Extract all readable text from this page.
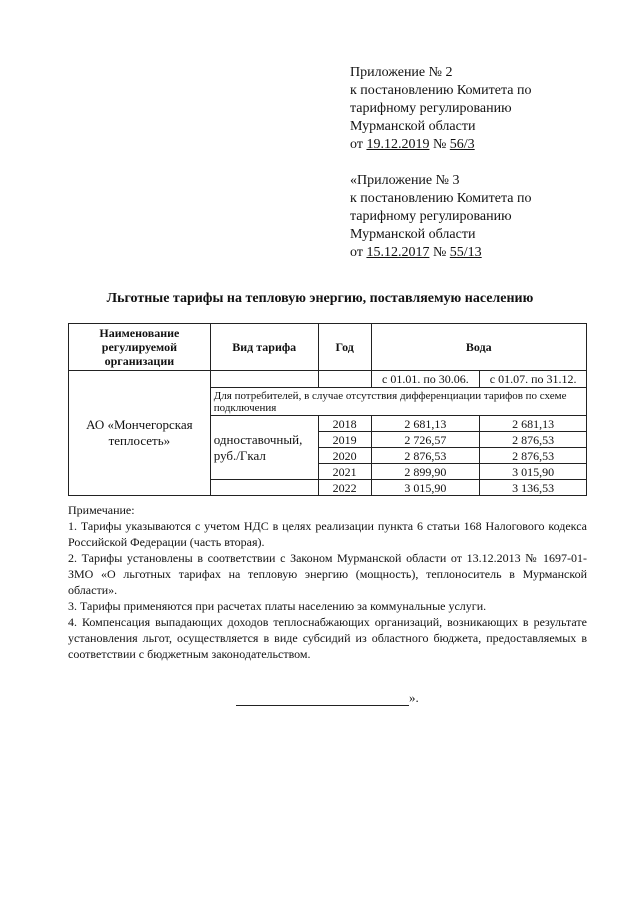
Приложение № 2
к постановлению Комитета по
тарифному регулированию
Мурманской области
от 19.12.2019 № 56/3
«Приложение № 3
к постановлению Комитета по
тарифному регулированию
Мурманской области
от 15.12.2017 № 55/13
Льготные тарифы на тепловую энергию, поставляемую населению
Наименование регулируемой организации	Вид тарифа	Год	Вода	
АО «Мончегорская теплосеть»			с 01.01. по 30.06.	с 01.07. по 31.12.
	Для потребителей, в случае отсутствия дифференциации тарифов по схеме подключения			
	одноставочный, руб./Гкал	2018	2 681,13	2 681,13
		2019	2 726,57	2 876,53
		2020	2 876,53	2 876,53
		2021	2 899,90	3 015,90
		2022	3 015,90	3 136,53

Примечание:

1. Тарифы указываются с учетом НДС в целях реализации пункта 6 статьи 168 Налогового кодекса Российской Федерации (часть вторая).

2. Тарифы установлены в соответствии с Законом Мурманской области от 13.12.2013 № 1697-01-ЗМО «О льготных тарифах на тепловую энергию (мощность), теплоноситель в Мурманской области».

3. Тарифы применяются при расчетах платы населению за коммунальные услуги.

4. Компенсация выпадающих доходов теплоснабжающих организаций, возникающих в результате установления льгот, осуществляется в виде субсидий из областного бюджета, предоставляемых в соответствии с бюджетным законодательством.

».
